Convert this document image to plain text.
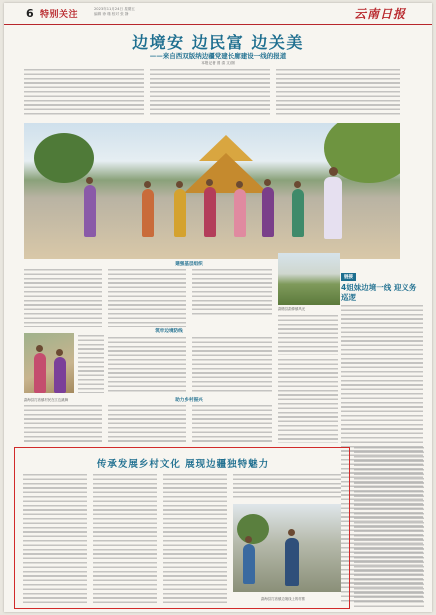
6 特别关注
2023年11月24日 星期五
编辑 徐 瑾 校对 张 静	云南日报
边境安 边民富 边关美
——来自西双版纳边疆党建长廊建设一线的报道
本报记者 曾 清 文/图
勐腊县勐捧镇风光
链接
4姐妹边境一线 迎义务巡逻
建强基层组织
筑牢边境防线
勐海县打洛镇村民在江边跳舞	助力乡村振兴
传承发展乡村文化 展现边疆独特魅力
勐海县打洛镇边境线上的村寨
